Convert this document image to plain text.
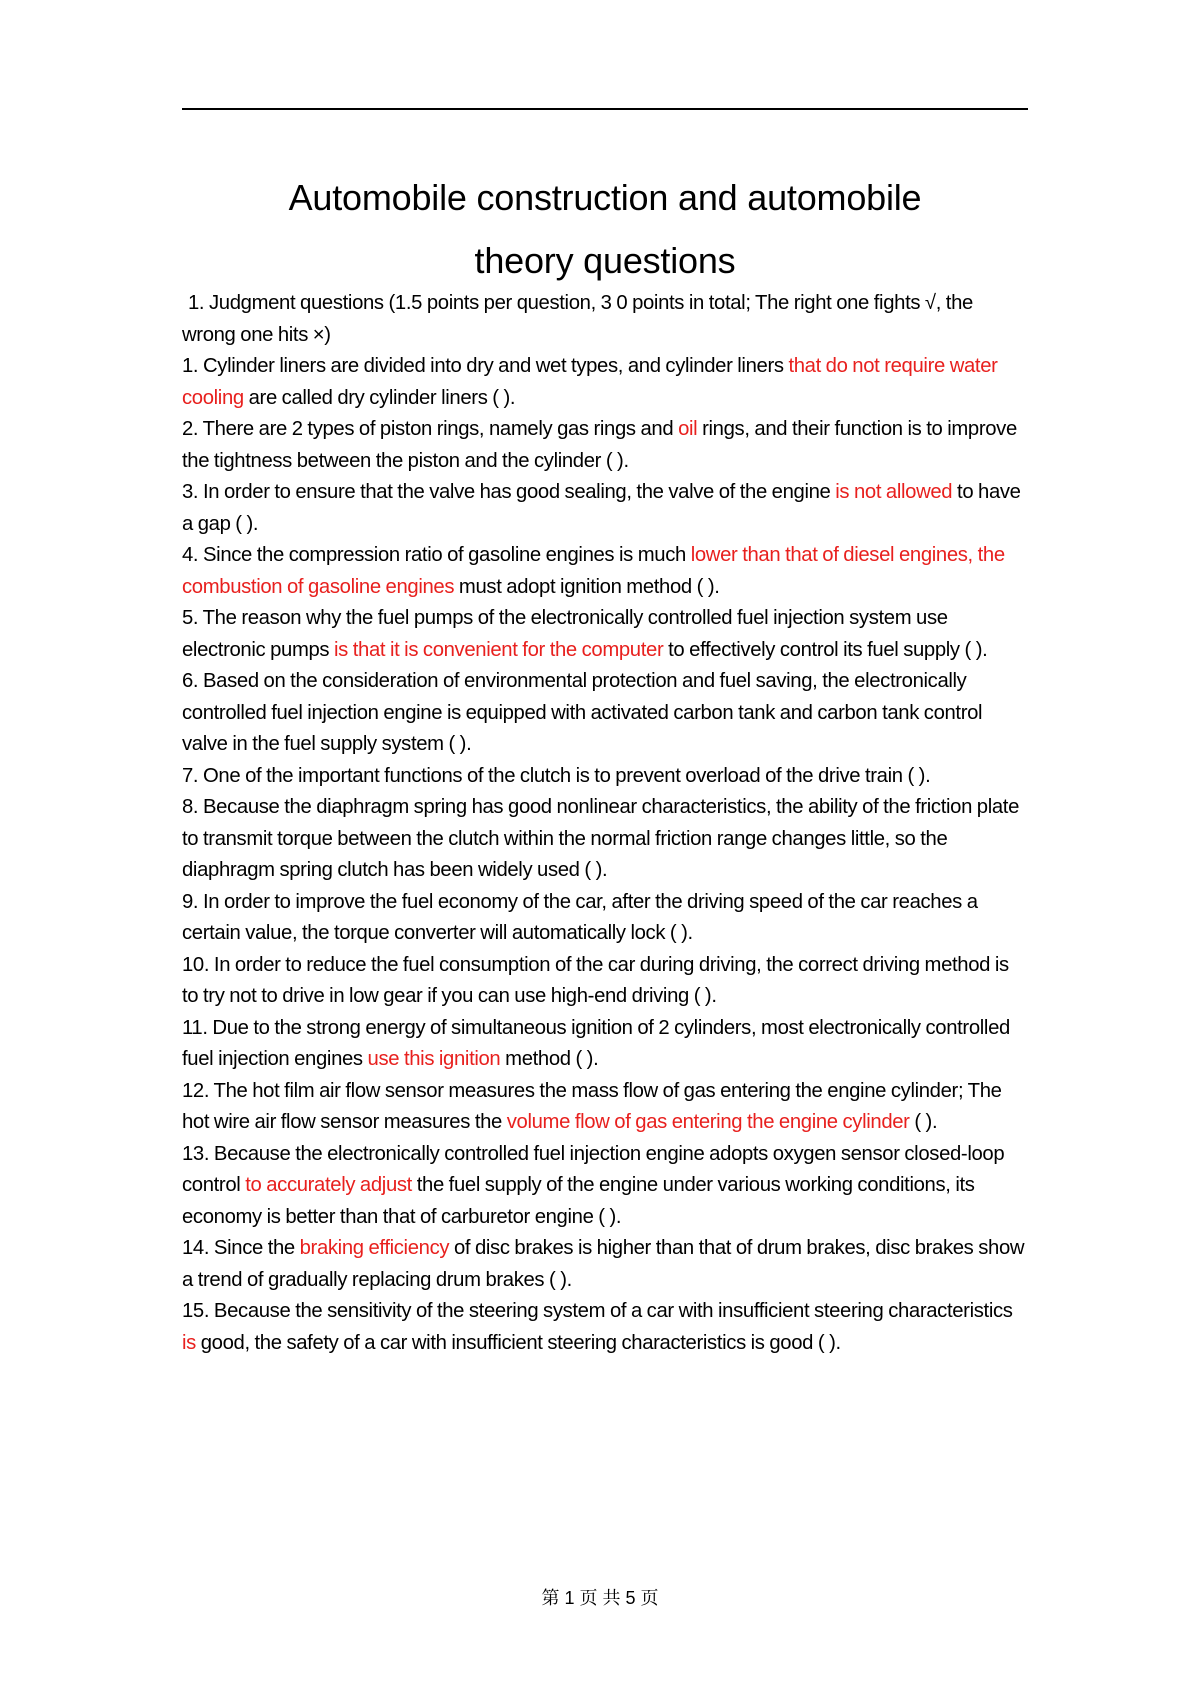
Automobile construction and automobile
theory questions

1. Judgment questions (1.5 points per question, 3 0 points in total; The right one fights √, the wrong one hits ×)

1. Cylinder liners are divided into dry and wet types, and cylinder liners that do not require water cooling are called dry cylinder liners ( ).

2. There are 2 types of piston rings, namely gas rings and oil rings, and their function is to improve the tightness between the piston and the cylinder ( ).

3. In order to ensure that the valve has good sealing, the valve of the engine is not allowed to have a gap ( ).

4. Since the compression ratio of gasoline engines is much lower than that of diesel engines, the combustion of gasoline engines must adopt ignition method ( ).

5. The reason why the fuel pumps of the electronically controlled fuel injection system use electronic pumps is that it is convenient for the computer to effectively control its fuel supply ( ).

6. Based on the consideration of environmental protection and fuel saving, the electronically controlled fuel injection engine is equipped with activated carbon tank and carbon tank control valve in the fuel supply system ( ).

7. One of the important functions of the clutch is to prevent overload of the drive train ( ).

8. Because the diaphragm spring has good nonlinear characteristics, the ability of the friction plate to transmit torque between the clutch within the normal friction range changes little, so the diaphragm spring clutch has been widely used ( ).

9. In order to improve the fuel economy of the car, after the driving speed of the car reaches a certain value, the torque converter will automatically lock ( ).

10. In order to reduce the fuel consumption of the car during driving, the correct driving method is to try not to drive in low gear if you can use high-end driving ( ).

11. Due to the strong energy of simultaneous ignition of 2 cylinders, most electronically controlled fuel injection engines use this ignition method ( ).

12. The hot film air flow sensor measures the mass flow of gas entering the engine cylinder; The hot wire air flow sensor measures the volume flow of gas entering the engine cylinder ( ).

13. Because the electronically controlled fuel injection engine adopts oxygen sensor closed-loop control to accurately adjust the fuel supply of the engine under various working conditions, its economy is better than that of carburetor engine ( ).

14. Since the braking efficiency of disc brakes is higher than that of drum brakes, disc brakes show a trend of gradually replacing drum brakes ( ).

15. Because the sensitivity of the steering system of a car with insufficient steering characteristics is good, the safety of a car with insufficient steering characteristics is good ( ).

第 1 页 共 5 页
